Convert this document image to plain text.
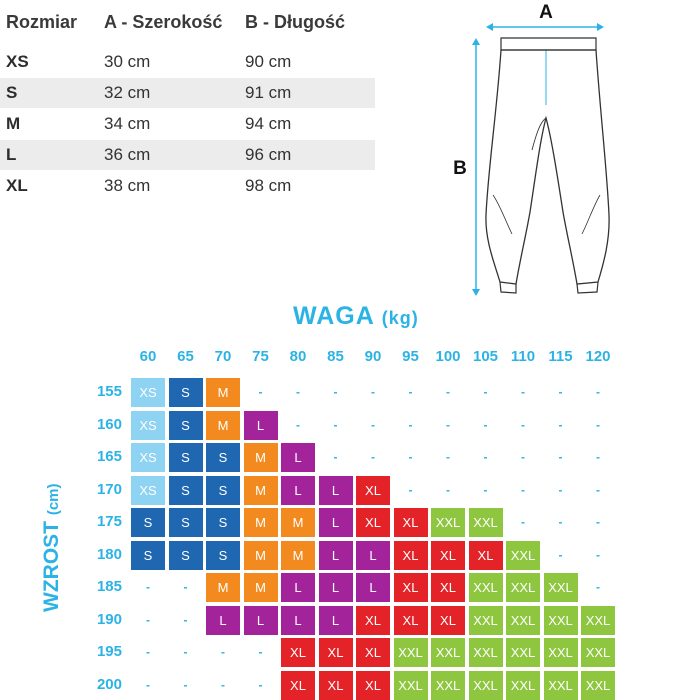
Rozmiar A - Szerokość B - Długość
XS	30 cm	90 cm
S	32 cm	91 cm
M	34 cm	94 cm
L	36 cm	96 cm
XL	38 cm	98 cm
A
B
WAGA (kg)
WZROST (cm)
60	65	70	75	80	85	90	95	100 105 110 115 120
155	XS	S	M	-	-	-	-	-	-	-	-	-	-
160	XS	S	M	L	-	-	-	-	-	-	-	-	-
165	XS	S	S	M	L	-	-	-	-	-	-	-	-
170	XS	S	S	M	L	L	XL	-	-	-	-	-	-
175	S	S	S	M	M	L	XL	XL	XXL XXL	-	-	-
180	S	S	S	M	M	L	L	XL	XL	XL	XXL	-	-
185	-	-	M	M	L	L	L	XL	XL	XXL XXL XXL	-
190	-	-	L	L	L	L	XL	XL	XL	XXL XXL XXL XXL
195	-	-	-	-	XL	XL	XL	XXL XXL XXL XXL XXL XXL
200	-	-	-	-	XL	XL	XL	XXL XXL XXL XXL XXL XXL
